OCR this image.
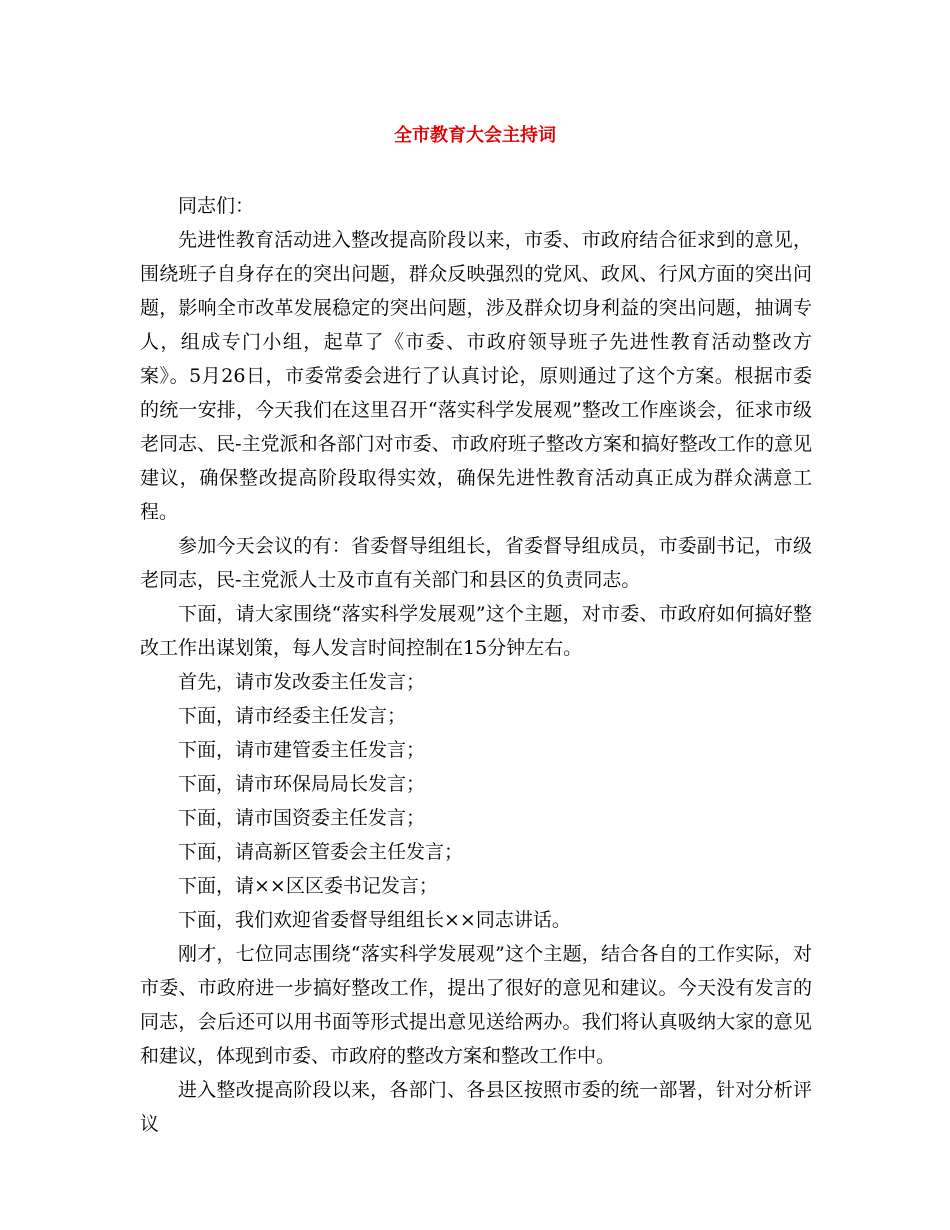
全市教育大会主持词

同志们：

先进性教育活动进入整改提高阶段以来，市委、市政府结合征求到的意见，围绕班子自身存在的突出问题，群众反映强烈的党风、政风、行风方面的突出问题，影响全市改革发展稳定的突出问题，涉及群众切身利益的突出问题，抽调专人，组成专门小组，起草了《市委、市政府领导班子先进性教育活动整改方案》。5月26日，市委常委会进行了认真讨论，原则通过了这个方案。根据市委的统一安排，今天我们在这里召开“落实科学发展观”整改工作座谈会，征求市级老同志、民-主党派和各部门对市委、市政府班子整改方案和搞好整改工作的意见建议，确保整改提高阶段取得实效，确保先进性教育活动真正成为群众满意工程。

参加今天会议的有：省委督导组组长，省委督导组成员，市委副书记，市级老同志，民-主党派人士及市直有关部门和县区的负责同志。

下面，请大家围绕“落实科学发展观”这个主题，对市委、市政府如何搞好整改工作出谋划策，每人发言时间控制在15分钟左右。

首先，请市发改委主任发言；

下面，请市经委主任发言；

下面，请市建管委主任发言；

下面，请市环保局局长发言；

下面，请市国资委主任发言；

下面，请高新区管委会主任发言；

下面，请××区区委书记发言；

下面，我们欢迎省委督导组组长××同志讲话。

刚才，七位同志围绕“落实科学发展观”这个主题，结合各自的工作实际，对市委、市政府进一步搞好整改工作，提出了很好的意见和建议。今天没有发言的同志，会后还可以用书面等形式提出意见送给两办。我们将认真吸纳大家的意见和建议，体现到市委、市政府的整改方案和整改工作中。

进入整改提高阶段以来，各部门、各县区按照市委的统一部署，针对分析评议
